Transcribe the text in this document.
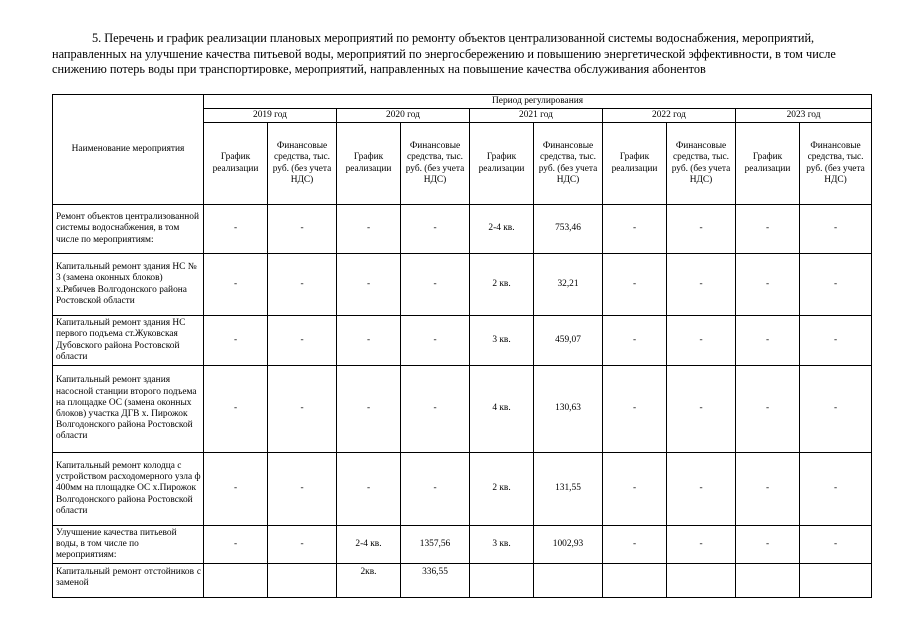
5. Перечень и график реализации плановых мероприятий по ремонту объектов централизованной системы водоснабжения, мероприятий, направленных на улучшение качества питьевой воды, мероприятий по энергосбережению и повышению энергетической эффективности, в том числе снижению потерь воды при транспортировке, мероприятий, направленных на повышение качества обслуживания абонентов

Наименование мероприятия	Период регулирования									
	2019 год		2020 год		2021 год		2022 год		2023 год	
	График реализации	Финансовые средства, тыс. руб. (без учета НДС)	График реализации	Финансовые средства, тыс. руб. (без учета НДС)	График реализации	Финансовые средства, тыс. руб. (без учета НДС)	График реализации	Финансовые средства, тыс. руб. (без учета НДС)	График реализации	Финансовые средства, тыс. руб. (без учета НДС)
Ремонт объектов централизованной системы водоснабжения, в том числе по мероприятиям:	-	-	-	-	2-4 кв.	753,46	-	-	-	-
Капитальный ремонт здания НС № 3 (замена оконных блоков) х.Рябичев Волгодонского района Ростовской области	-	-	-	-	2 кв.	32,21	-	-	-	-
Капитальный ремонт здания НС первого подъема ст.Жуковская Дубовского района Ростовской области	-	-	-	-	3 кв.	459,07	-	-	-	-
Капитальный ремонт здания насосной станции второго подъема на площадке ОС (замена оконных блоков) участка ДГВ х. Пирожок Волгодонского района Ростовской области	-	-	-	-	4 кв.	130,63	-	-	-	-
Капитальный ремонт колодца с устройством расходомерного узла ф 400мм на площадке ОС х.Пирожок Волгодонского района Ростовской области	-	-	-	-	2 кв.	131,55	-	-	-	-
Улучшение качества питьевой воды, в том числе по мероприятиям:	-	-	2-4 кв.	1357,56	3 кв.	1002,93	-	-	-	-
Капитальный ремонт отстойников с заменой			2кв.	336,55						
